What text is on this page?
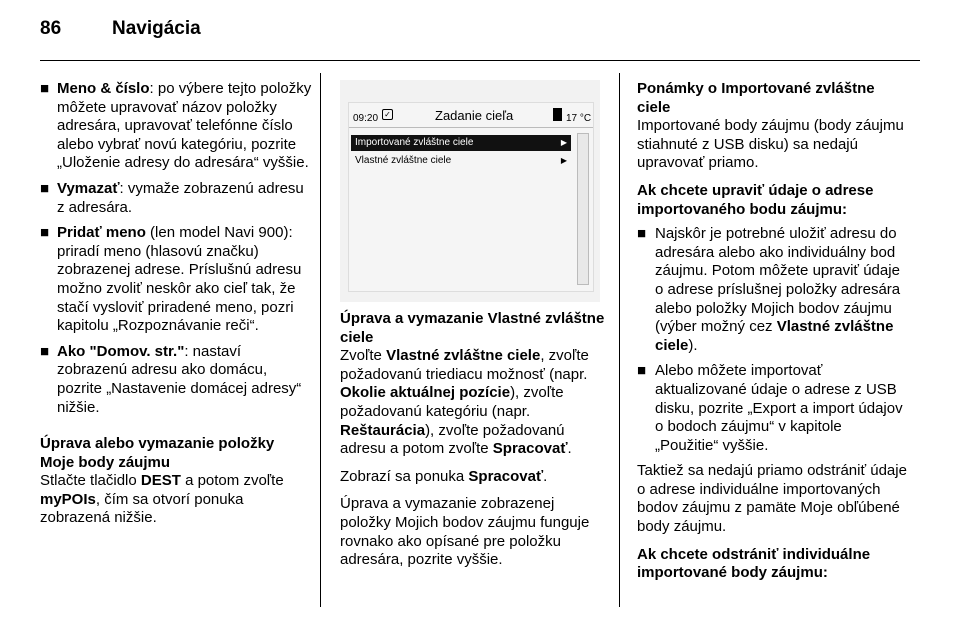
86	Navigácia
■ Meno & číslo: po výbere tejto položky môžete upravovať názov položky adresára, upravovať telefónne číslo alebo vybrať novú kategóriu, pozrite „Uloženie adresy do adresára“ vyššie.
■ Vymazať: vymaže zobrazenú adresu z adresára.
■ Pridať meno (len model Navi 900): priradí meno (hlasovú značku) zobrazenej adrese. Príslušnú adresu možno zvoliť neskôr ako cieľ tak, že stačí vysloviť priradené meno, pozri kapitolu „Rozpoznávanie reči“.
■ Ako "Domov. str.": nastaví zobrazenú adresu ako domácu, pozrite „Nastavenie domácej adresy“ nižšie.

Úprava alebo vymazanie položky Moje body záujmu

Stlačte tlačidlo DEST a potom zvoľte myPOIs, čím sa otvorí ponuka zobrazená nižšie.

09:20 ✓	Zadanie cieľa	17 °C
Importované zvláštne ciele	▶
Vlastné zvláštne ciele	▶

Úprava a vymazanie Vlastné zvláštne ciele

Zvoľte Vlastné zvláštne ciele, zvoľte požadovanú triediacu možnosť (napr. Okolie aktuálnej pozície), zvoľte požadovanú kategóriu (napr. Reštaurácia), zvoľte požadovanú adresu a potom zvoľte Spracovať.

Zobrazí sa ponuka Spracovať.

Úprava a vymazanie zobrazenej položky Mojich bodov záujmu funguje rovnako ako opísané pre položku adresára, pozrite vyššie.

Ponámky o Importované zvláštne ciele

Importované body záujmu (body záujmu stiahnuté z USB disku) sa nedajú upravovať priamo.

Ak chcete upraviť údaje o adrese importovaného bodu záujmu:

■ Najskôr je potrebné uložiť adresu do adresára alebo ako individuálny bod záujmu. Potom môžete upraviť údaje o adrese príslušnej položky adresára alebo položky Mojich bodov záujmu (výber možný cez Vlastné zvláštne ciele).
■ Alebo môžete importovať aktualizované údaje o adrese z USB disku, pozrite „Export a import údajov o bodoch záujmu“ v kapitole „Použitie“ vyššie.

Taktiež sa nedajú priamo odstrániť údaje o adrese individuálne importovaných bodov záujmu z pamäte Moje obľúbené body záujmu.

Ak chcete odstrániť individuálne importované body záujmu:
